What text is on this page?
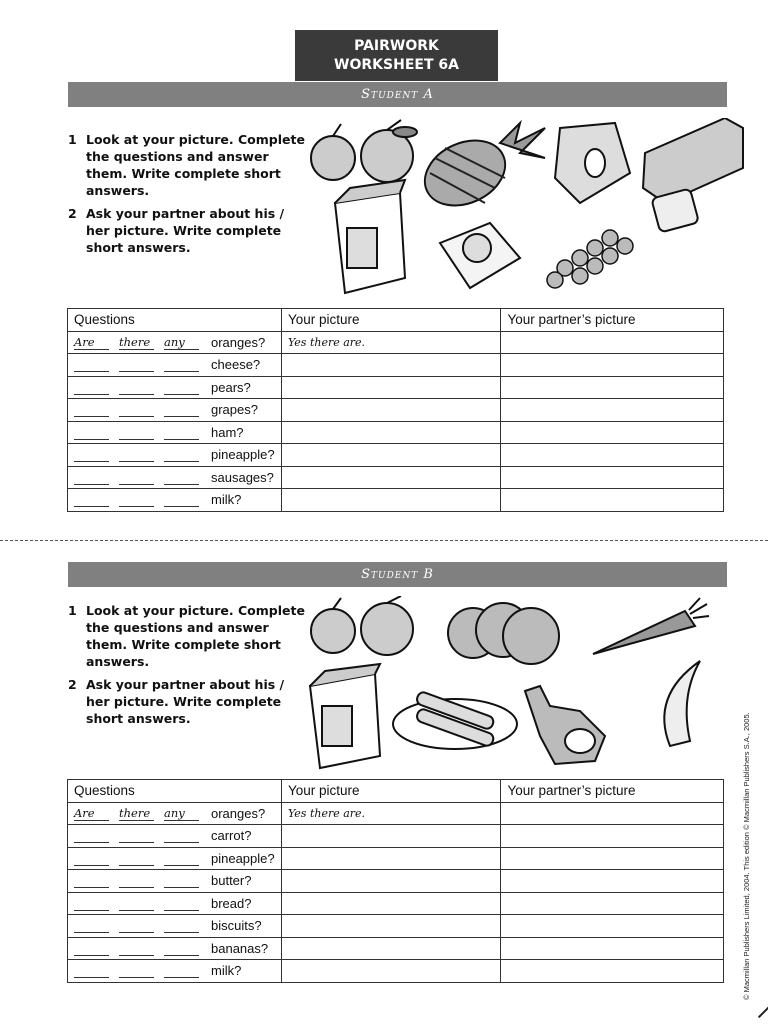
PAIRWORK
WORKSHEET 6A
Student A
1 Look at your picture. Complete the questions and answer them. Write complete short answers.
2 Ask your partner about his / her picture. Write complete short answers.
Questions	Your picture	Your partner’s picture

Are there any oranges?	Yes there are.	

cheese?		

pears?		

grapes?		

ham?		

pineapple?		

sausages?		

milk?		

Student B
1 Look at your picture. Complete the questions and answer them. Write complete short answers.
2 Ask your partner about his / her picture. Write complete short answers.
Questions	Your picture	Your partner’s picture

Are there any oranges?	Yes there are.	

carrot?		

pineapple?		

butter?		

bread?		

biscuits?		

bananas?		

milk?		
			© Macmillan Publishers Limited, 2004. This edition © Macmillan Publishers S.A., 2005.
